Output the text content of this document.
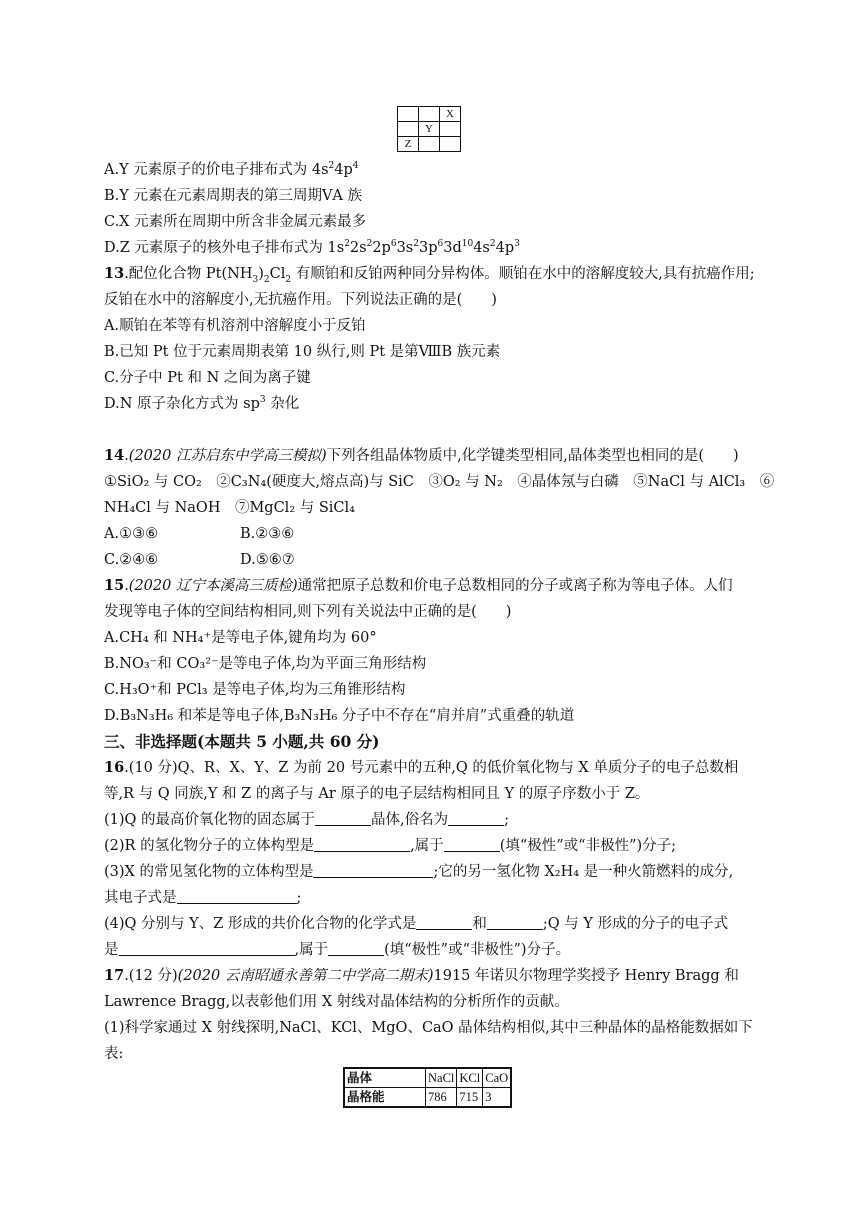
		X
	Y	
Z		
A.Y 元素原子的价电子排布式为 $4s^24p^4$
B.Y 元素在元素周期表的第三周期ⅤA 族
C.X 元素所在周期中所含非金属元素最多
D.Z 元素原子的核外电子排布式为 $1s^22s^22p^63s^23p^63d^{10}4s^24p^3$
13.配位化合物 $Pt(NH_3)_2Cl_2$ 有顺铂和反铂两种同分异构体。顺铂在水中的溶解度较大,具有抗癌作用;
反铂在水中的溶解度小,无抗癌作用。下列说法正确的是(　　)
A.顺铂在苯等有机溶剂中溶解度小于反铂
B.已知 Pt 位于元素周期表第 10 纵行,则 Pt 是第ⅧB 族元素
C.分子中 Pt 和 N 之间为离子键
D.N 原子杂化方式为 $sp^3$ 杂化
14.(2020 江苏启东中学高三模拟)下列各组晶体物质中,化学键类型相同,晶体类型也相同的是(　　)
①SiO₂ 与 CO₂　②C₃N₄(硬度大,熔点高)与 SiC　③O₂ 与 N₂　④晶体氖与白磷　⑤NaCl 与 AlCl₃　⑥
NH₄Cl 与 NaOH　⑦MgCl₂ 与 SiCl₄
A.①③⑥	B.②③⑥
C.②④⑥	D.⑤⑥⑦
15.(2020 辽宁本溪高三质检)通常把原子总数和价电子总数相同的分子或离子称为等电子体。人们
发现等电子体的空间结构相同,则下列有关说法中正确的是(　　)
A.CH₄ 和 NH₄⁺是等电子体,键角均为 60°
B.NO₃⁻和 CO₃²⁻是等电子体,均为平面三角形结构
C.H₃O⁺和 PCl₃ 是等电子体,均为三角锥形结构
D.B₃N₃H₆ 和苯是等电子体,B₃N₃H₆ 分子中不存在“肩并肩”式重叠的轨道
三、非选择题(本题共 5 小题,共 60 分)
16.(10 分)Q、R、X、Y、Z 为前 20 号元素中的五种,Q 的低价氧化物与 X 单质分子的电子总数相
等,R 与 Q 同族,Y 和 Z 的离子与 Ar 原子的电子层结构相同且 Y 的原子序数小于 Z。
(1)Q 的最高价氧化物的固态属于	晶体,俗名为	;
(2)R 的氢化物分子的立体构型是	,属于	(填“极性”或“非极性”)分子;
(3)X 的常见氢化物的立体构型是	;它的另一氢化物 X₂H₄ 是一种火箭燃料的成分,
其电子式是	;
(4)Q 分别与 Y、Z 形成的共价化合物的化学式是	和	;Q 与 Y 形成的分子的电子式
是	,属于	(填“极性”或“非极性”)分子。
17.(12 分)(2020 云南昭通永善第二中学高二期末)1915 年诺贝尔物理学奖授予 Henry Bragg 和
Lawrence Bragg,以表彰他们用 X 射线对晶体结构的分析所作的贡献。
(1)科学家通过 X 射线探明,NaCl、KCl、MgO、CaO 晶体结构相似,其中三种晶体的晶格能数据如下
表:
晶体	NaCl	KCl	CaO
晶格能	786	715	3
